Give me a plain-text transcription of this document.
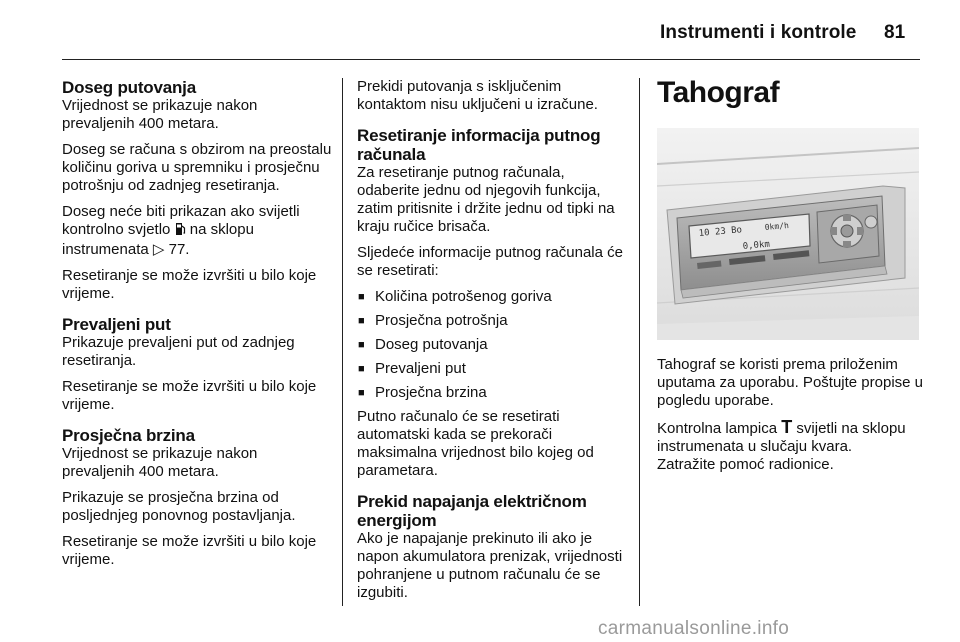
Instrumenti i kontrole 81
Doseg putovanja

Vrijednost se prikazuje nakon prevaljenih 400 metara.

Doseg se računa s obzirom na preostalu količinu goriva u spremniku i prosječnu potrošnju od zadnjeg resetiranja.

Doseg neće biti prikazan ako svijetli kontrolno svjetlo na sklopu instrumenata ▷ 77.

Resetiranje se može izvršiti u bilo koje vrijeme.

Prevaljeni put

Prikazuje prevaljeni put od zadnjeg resetiranja.

Resetiranje se može izvršiti u bilo koje vrijeme.

Prosječna brzina

Vrijednost se prikazuje nakon prevaljenih 400 metara.

Prikazuje se prosječna brzina od posljednjeg ponovnog postavljanja.

Resetiranje se može izvršiti u bilo koje vrijeme.

Prekidi putovanja s isključenim kontaktom nisu uključeni u izračune.

Resetiranje informacija putnog računala

Za resetiranje putnog računala, odaberite jednu od njegovih funkcija, zatim pritisnite i držite jednu od tipki na kraju ručice brisača.

Sljedeće informacije putnog računala će se resetirati:

■ Količina potrošenog goriva
■ Prosječna potrošnja
■ Doseg putovanja
■ Prevaljeni put
■ Prosječna brzina

Putno računalo će se resetirati automatski kada se prekorači maksimalna vrijednost bilo kojeg od parametara.

Prekid napajanja električnom energijom

Ako je napajanje prekinuto ili ako je napon akumulatora prenizak, vrijednosti pohranjene u putnom računalu će se izgubiti.

Tahograf
10 23 Bo	0km/h
0,0km

Tahograf se koristi prema priloženim uputama za uporabu. Poštujte propise u pogledu uporabe.

Kontrolna lampica T svijetli na sklopu instrumenata u slučaju kvara.

Zatražite pomoć radionice.

carmanualsonline.info
